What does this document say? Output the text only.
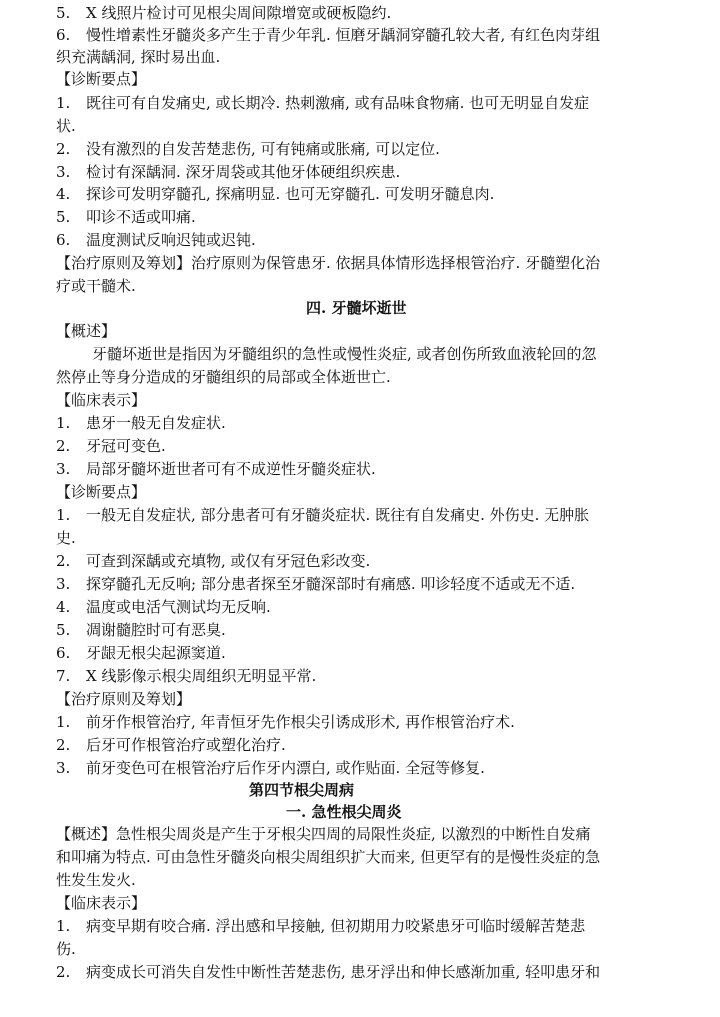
5. X 线照片检讨可见根尖周间隙增宽或硬板隐约.
6. 慢性增素性牙髓炎多产生于青少年乳. 恒磨牙龋洞穿髓孔较大者, 有红色肉芽组
织充满龋洞, 探时易出血.
【诊断要点】
1. 既往可有自发痛史, 或长期冷. 热刺激痛, 或有品味食物痛. 也可无明显自发症
状.
2. 没有激烈的自发苦楚悲伤, 可有钝痛或胀痛, 可以定位.
3. 检讨有深龋洞. 深牙周袋或其他牙体硬组织疾患.
4. 探诊可发明穿髓孔, 探痛明显. 也可无穿髓孔. 可发明牙髓息肉.
5. 叩诊不适或叩痛.
6. 温度测试反响迟钝或迟钝.
【治疗原则及筹划】治疗原则为保管患牙. 依据具体情形选择根管治疗. 牙髓塑化治
疗或干髓术.
四. 牙髓坏逝世
【概述】
牙髓坏逝世是指因为牙髓组织的急性或慢性炎症, 或者创伤所致血液轮回的忽
然停止等身分造成的牙髓组织的局部或全体逝世亡.
【临床表示】
1. 患牙一般无自发症状.
2. 牙冠可变色.
3. 局部牙髓坏逝世者可有不成逆性牙髓炎症状.
【诊断要点】
1. 一般无自发症状, 部分患者可有牙髓炎症状. 既往有自发痛史. 外伤史. 无肿胀
史.
2. 可查到深龋或充填物, 或仅有牙冠色彩改变.
3. 探穿髓孔无反响; 部分患者探至牙髓深部时有痛感. 叩诊轻度不适或无不适.
4. 温度或电活气测试均无反响.
5. 凋谢髓腔时可有恶臭.
6. 牙龈无根尖起源窦道.
7. X 线影像示根尖周组织无明显平常.
【治疗原则及筹划】
1. 前牙作根管治疗, 年青恒牙先作根尖引诱成形术, 再作根管治疗术.
2. 后牙可作根管治疗或塑化治疗.
3. 前牙变色可在根管治疗后作牙内漂白, 或作贴面. 全冠等修复.
第四节根尖周病
一. 急性根尖周炎
【概述】急性根尖周炎是产生于牙根尖四周的局限性炎症, 以激烈的中断性自发痛
和叩痛为特点. 可由急性牙髓炎向根尖周组织扩大而来, 但更罕有的是慢性炎症的急
性发生发火.
【临床表示】
1. 病变早期有咬合痛. 浮出感和早接触, 但初期用力咬紧患牙可临时缓解苦楚悲
伤.
2. 病变成长可消失自发性中断性苦楚悲伤, 患牙浮出和伸长感渐加重, 轻叩患牙和
